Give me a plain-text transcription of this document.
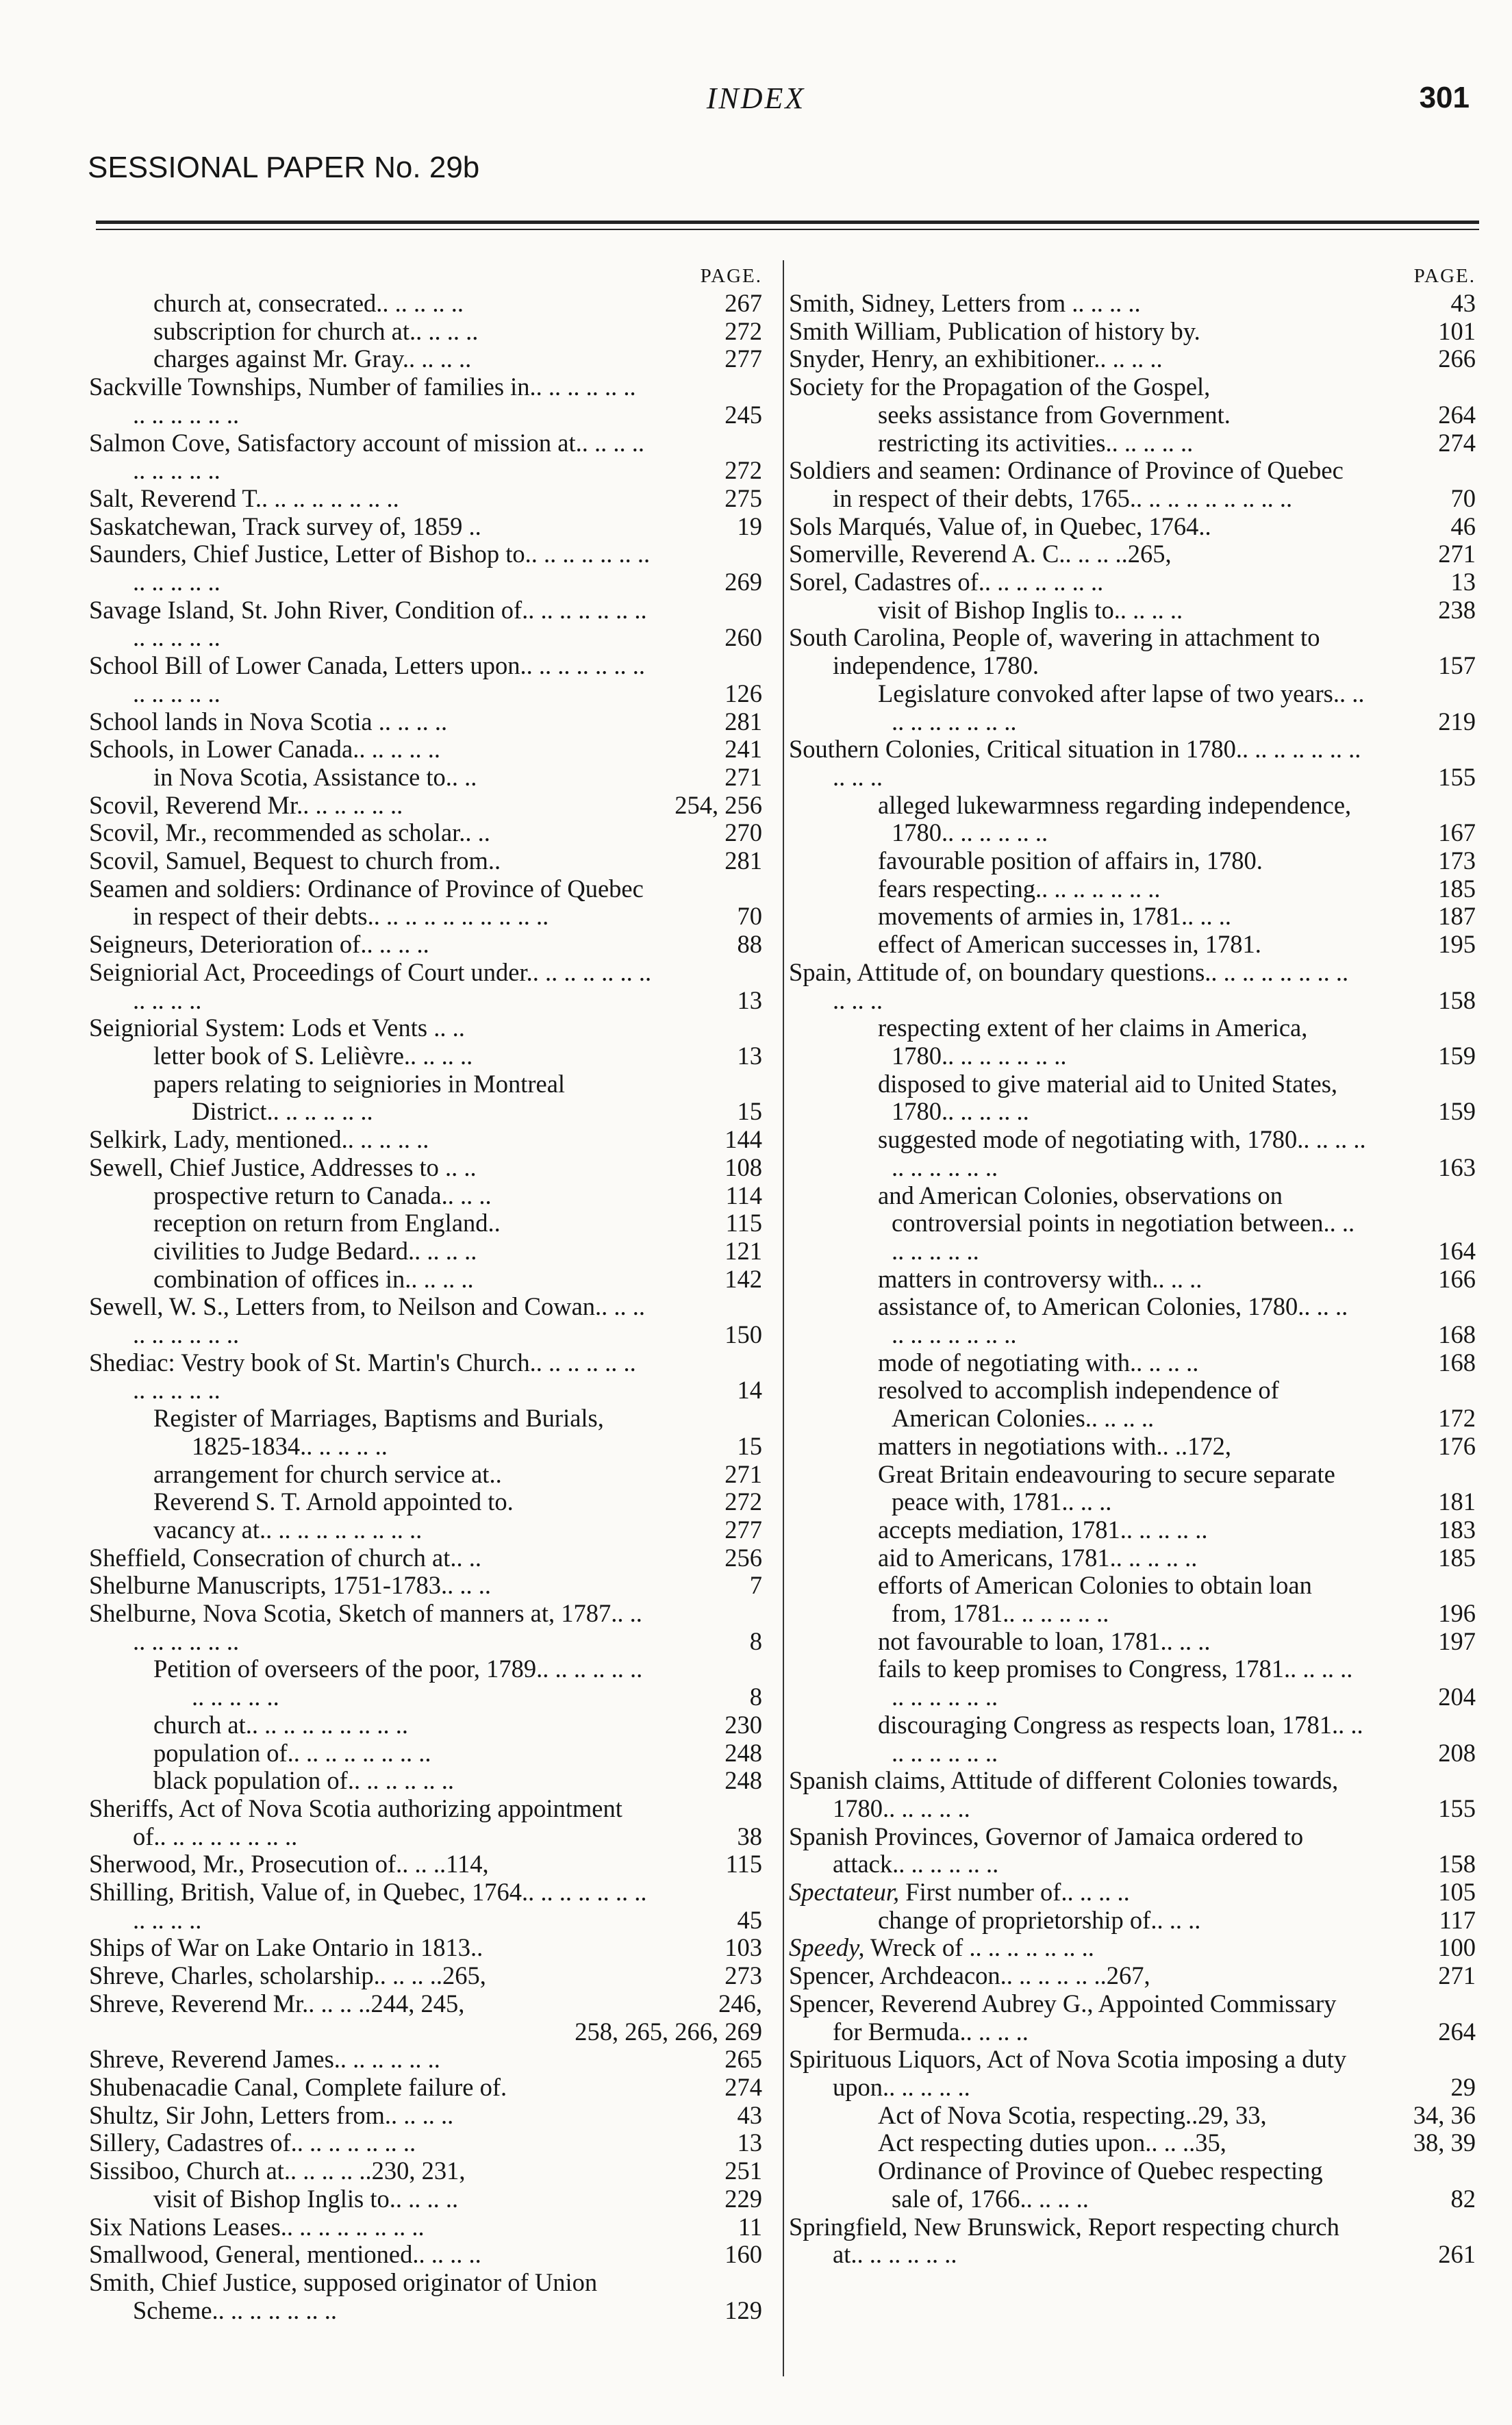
INDEX	301
SESSIONAL PAPER No. 29b
PAGE.
church at, consecrated.. .. .. .. ..	267
subscription for church at.. .. .. ..	272
charges against Mr. Gray.. .. .. ..	277
Sackville Townships, Number of families in.. .. .. .. .. .. .. .. .. .. .. ..	245
Salmon Cove, Satisfactory account of mission at.. .. .. .. .. .. .. .. ..	272
Salt, Reverend T.. .. .. .. .. .. .. ..	275
Saskatchewan, Track survey of, 1859 ..	19
Saunders, Chief Justice, Letter of Bishop to.. .. .. .. .. .. .. .. .. .. .. ..	269
Savage Island, St. John River, Condition of.. .. .. .. .. .. .. .. .. .. .. ..	260
School Bill of Lower Canada, Letters upon.. .. .. .. .. .. .. .. .. .. .. ..	126
School lands in Nova Scotia .. .. .. ..	281
Schools, in Lower Canada.. .. .. .. ..	241
in Nova Scotia, Assistance to.. ..	271
Scovil, Reverend Mr.. .. .. .. .. ..	254, 256
Scovil, Mr., recommended as scholar.. ..	270
Scovil, Samuel, Bequest to church from..	281
Seamen and soldiers: Ordinance of Province of Quebec in respect of their debts.. .. .. .. .. .. .. .. .. ..	70
Seigneurs, Deterioration of.. .. .. ..	88
Seigniorial Act, Proceedings of Court under.. .. .. .. .. .. .. .. .. .. ..	13
Seigniorial System: Lods et Vents .. ..
letter book of S. Lelièvre.. .. .. ..	13
papers relating to seigniories in Montreal District.. .. .. .. .. ..	15
Selkirk, Lady, mentioned.. .. .. .. ..	144
Sewell, Chief Justice, Addresses to .. ..	108
prospective return to Canada.. .. ..	114
reception on return from England..	115
civilities to Judge Bedard.. .. .. ..	121
combination of offices in.. .. .. ..	142
Sewell, W. S., Letters from, to Neilson and Cowan.. .. .. .. .. .. .. .. ..	150
Shediac: Vestry book of St. Martin's Church.. .. .. .. .. .. .. .. .. .. ..	14
Register of Marriages, Baptisms and Burials, 1825-1834.. .. .. .. ..	15
arrangement for church service at..	271
Reverend S. T. Arnold appointed to.	272
vacancy at.. .. .. .. .. .. .. .. ..	277
Sheffield, Consecration of church at.. ..	256
Shelburne Manuscripts, 1751-1783.. .. ..	7
Shelburne, Nova Scotia, Sketch of manners at, 1787.. .. .. .. .. .. .. ..	8
Petition of overseers of the poor, 1789.. .. .. .. .. .. .. .. .. .. ..	8
church at.. .. .. .. .. .. .. .. ..	230
population of.. .. .. .. .. .. .. ..	248
black population of.. .. .. .. .. ..	248
Sheriffs, Act of Nova Scotia authorizing appointment of.. .. .. .. .. .. .. ..	38
Sherwood, Mr., Prosecution of.. .. ..114,	115
Shilling, British, Value of, in Quebec, 1764.. .. .. .. .. .. .. .. .. .. ..	45
Ships of War on Lake Ontario in 1813..	103
Shreve, Charles, scholarship.. .. .. ..265,	273
Shreve, Reverend Mr.. .. .. ..244, 245,	246,
258, 265, 266, 269
Shreve, Reverend James.. .. .. .. .. ..	265
Shubenacadie Canal, Complete failure of.	274
Shultz, Sir John, Letters from.. .. .. ..	43
Sillery, Cadastres of.. .. .. .. .. .. ..	13
Sissiboo, Church at.. .. .. .. ..230, 231,	251
visit of Bishop Inglis to.. .. .. ..	229
Six Nations Leases.. .. .. .. .. .. .. ..	11
Smallwood, General, mentioned.. .. .. ..	160
Smith, Chief Justice, supposed originator of Union Scheme.. .. .. .. .. .. ..	129
PAGE.
Smith, Sidney, Letters from .. .. .. ..	43
Smith William, Publication of history by.	101
Snyder, Henry, an exhibitioner.. .. .. ..	266
Society for the Propagation of the Gospel,
seeks assistance from Government.	264
restricting its activities.. .. .. .. ..	274
Soldiers and seamen: Ordinance of Province of Quebec in respect of their debts, 1765.. .. .. .. .. .. .. .. ..	70
Sols Marqués, Value of, in Quebec, 1764..	46
Somerville, Reverend A. C.. .. .. ..265,	271
Sorel, Cadastres of.. .. .. .. .. .. ..	13
visit of Bishop Inglis to.. .. .. ..	238
South Carolina, People of, wavering in attachment to independence, 1780.	157
Legislature convoked after lapse of two years.. .. .. .. .. .. .. .. ..	219
Southern Colonies, Critical situation in 1780.. .. .. .. .. .. .. .. .. ..	155
alleged lukewarmness regarding independence, 1780.. .. .. .. .. ..	167
favourable position of affairs in, 1780.	173
fears respecting.. .. .. .. .. .. ..	185
movements of armies in, 1781.. .. ..	187
effect of American successes in, 1781.	195
Spain, Attitude of, on boundary questions.. .. .. .. .. .. .. .. .. .. ..	158
respecting extent of her claims in America, 1780.. .. .. .. .. .. ..	159
disposed to give material aid to United States, 1780.. .. .. .. ..	159
suggested mode of negotiating with, 1780.. .. .. .. .. .. .. .. .. ..	163
and American Colonies, observations on controversial points in negotiation between.. .. .. .. .. .. ..	164
matters in controversy with.. .. ..	166
assistance of, to American Colonies, 1780.. .. .. .. .. .. .. .. .. ..	168
mode of negotiating with.. .. .. ..	168
resolved to accomplish independence of American Colonies.. .. .. ..	172
matters in negotiations with.. ..172,	176
Great Britain endeavouring to secure separate peace with, 1781.. .. ..	181
accepts mediation, 1781.. .. .. .. ..	183
aid to Americans, 1781.. .. .. .. ..	185
efforts of American Colonies to obtain loan from, 1781.. .. .. .. .. ..	196
not favourable to loan, 1781.. .. ..	197
fails to keep promises to Congress, 1781.. .. .. .. .. .. .. .. .. ..	204
discouraging Congress as respects loan, 1781.. .. .. .. .. .. .. ..	208
Spanish claims, Attitude of different Colonies towards, 1780.. .. .. .. ..	155
Spanish Provinces, Governor of Jamaica ordered to attack.. .. .. .. .. ..	158
Spectateur, First number of.. .. .. ..	105
change of proprietorship of.. .. ..	117
Speedy, Wreck of .. .. .. .. .. .. ..	100
Spencer, Archdeacon.. .. .. .. .. ..267,	271
Spencer, Reverend Aubrey G., Appointed Commissary for Bermuda.. .. .. ..	264
Spirituous Liquors, Act of Nova Scotia imposing a duty upon.. .. .. .. ..	29
Act of Nova Scotia, respecting..29, 33,	34, 36
Act respecting duties upon.. .. ..35,	38, 39
Ordinance of Province of Quebec respecting sale of, 1766.. .. .. ..	82
Springfield, New Brunswick, Report respecting church at.. .. .. .. .. ..	261
